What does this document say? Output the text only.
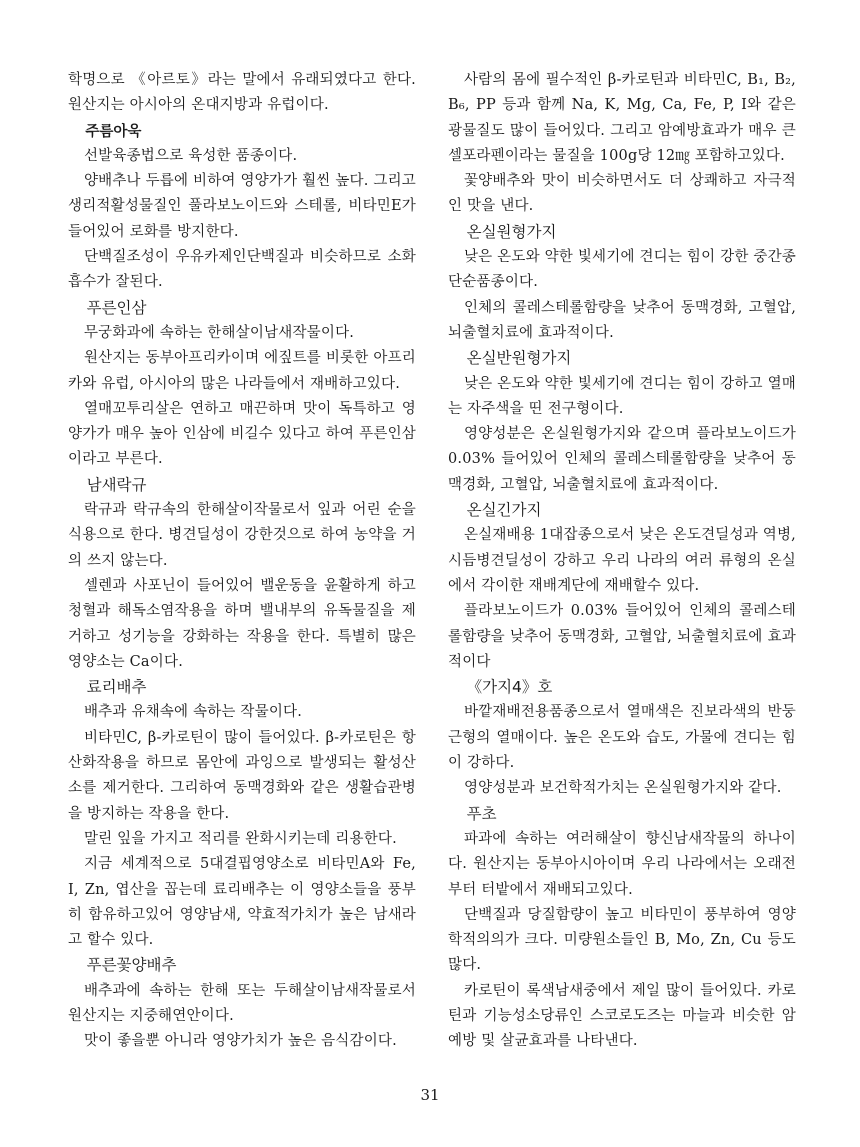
학명으로 《아르토》라는 말에서 유래되였다고 한다. 원산지는 아시아의 온대지방과 유럽이다.

주름아욱

선발육종법으로 육성한 품종이다.

양배추나 두릅에 비하여 영양가가 훨씬 높다. 그리고 생리적활성물질인 풀라보노이드와 스테롤, 비타민E가 들어있어 로화를 방지한다.

단백질조성이 우유카제인단백질과 비슷하므로 소화흡수가 잘된다.

푸른인삼

무궁화과에 속하는 한해살이남새작물이다.

원산지는 동부아프리카이며 에짚트를 비롯한 아프리카와 유럽, 아시아의 많은 나라들에서 재배하고있다.

열매꼬투리살은 연하고 매끈하며 맛이 독특하고 영양가가 매우 높아 인삼에 비길수 있다고 하여 푸른인삼이라고 부른다.

남새락규

락규과 락규속의 한해살이작물로서 잎과 어린 순을 식용으로 한다. 병견딜성이 강한것으로 하여 농약을 거의 쓰지 않는다.

셀렌과 사포닌이 들어있어 밸운동을 윤활하게 하고 청혈과 해독소염작용을 하며 밸내부의 유독물질을 제거하고 성기능을 강화하는 작용을 한다. 특별히 많은 영양소는 Ca이다.

료리배추

배추과 유채속에 속하는 작물이다.

비타민C, β-카로틴이 많이 들어있다. β-카로틴은 항산화작용을 하므로 몸안에 과잉으로 발생되는 활성산소를 제거한다. 그리하여 동맥경화와 같은 생활습관병을 방지하는 작용을 한다.

말린 잎을 가지고 적리를 완화시키는데 리용한다.

지금 세계적으로 5대결핍영양소로 비타민A와 Fe, I, Zn, 엽산을 꼽는데 료리배추는 이 영양소들을 풍부히 함유하고있어 영양남새, 약효적가치가 높은 남새라고 할수 있다.

푸른꽃양배추

배추과에 속하는 한해 또는 두해살이남새작물로서 원산지는 지중해연안이다.

맛이 좋을뿐 아니라 영양가치가 높은 음식감이다.

사람의 몸에 필수적인 β-카로틴과 비타민C, B₁, B₂, B₆, PP 등과 함께 Na, K, Mg, Ca, Fe, P, I와 같은 광물질도 많이 들어있다. 그리고 암예방효과가 매우 큰 셀포라펜이라는 물질을 100g당 12㎎ 포함하고있다.

꽃양배추와 맛이 비슷하면서도 더 상쾌하고 자극적인 맛을 낸다.

온실원형가지

낮은 온도와 약한 빛세기에 견디는 힘이 강한 중간종 단순품종이다.

인체의 콜레스테롤함량을 낮추어 동맥경화, 고혈압, 뇌출혈치료에 효과적이다.

온실반원형가지

낮은 온도와 약한 빛세기에 견디는 힘이 강하고 열매는 자주색을 띤 전구형이다.

영양성분은 온실원형가지와 같으며 플라보노이드가 0.03% 들어있어 인체의 콜레스테롤함량을 낮추어 동맥경화, 고혈압, 뇌출혈치료에 효과적이다.

온실긴가지

온실재배용 1대잡종으로서 낮은 온도견딜성과 역병, 시듬병견딜성이 강하고 우리 나라의 여러 류형의 온실에서 각이한 재배계단에 재배할수 있다.

플라보노이드가 0.03% 들어있어 인체의 콜레스테롤함량을 낮추어 동맥경화, 고혈압, 뇌출혈치료에 효과적이다

《가지4》호

바깥재배전용품종으로서 열매색은 진보라색의 반둥근형의 열매이다. 높은 온도와 습도, 가물에 견디는 힘이 강하다.

영양성분과 보건학적가치는 온실원형가지와 같다.

푸초

파과에 속하는 여러해살이 향신남새작물의 하나이다. 원산지는 동부아시아이며 우리 나라에서는 오래전부터 터밭에서 재배되고있다.

단백질과 당질함량이 높고 비타민이 풍부하여 영양학적의의가 크다. 미량원소들인 B, Mo, Zn, Cu 등도 많다.

카로틴이 록색남새중에서 제일 많이 들어있다. 카로틴과 기능성소당류인 스코로도즈는 마늘과 비슷한 암예방 및 살균효과를 나타낸다.

31
